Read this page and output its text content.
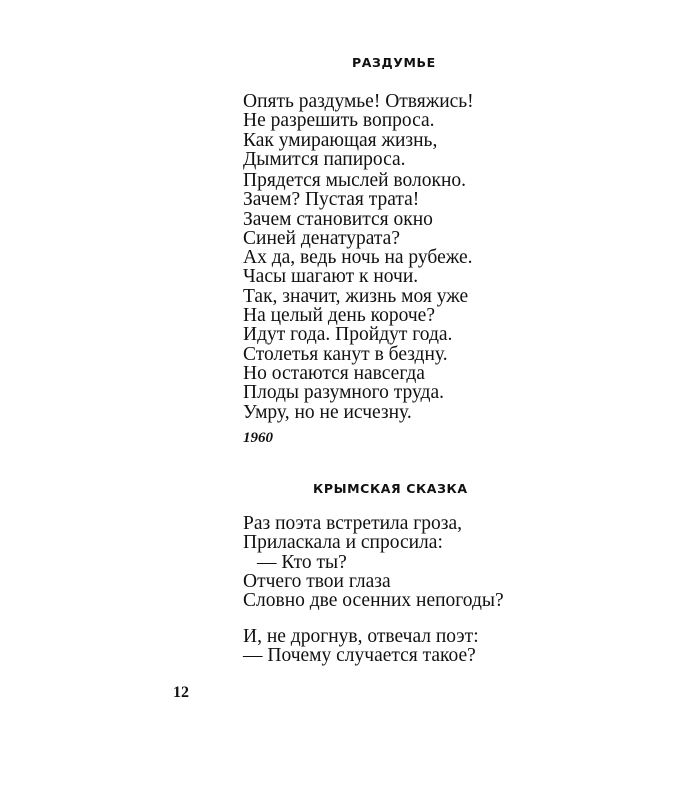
РАЗДУМЬЕ
Опять раздумье! Отвяжись!
Не разрешить вопроса.
Как умирающая жизнь,
Дымится папироса.
Прядется мыслей волокно.
Зачем? Пустая трата!
Зачем становится окно
Синей денатурата?
Ах да, ведь ночь на рубеже.
Часы шагают к ночи.
Так, значит, жизнь моя уже
На целый день короче?
Идут года. Пройдут года.
Столетья канут в бездну.
Но остаются навсегда
Плоды разумного труда.
Умру, но не исчезну.
1960
КРЫМСКАЯ СКАЗКА
Раз поэта встретила гроза,
Приласкала и спросила:
— Кто ты?
Отчего твои глаза
Словно две осенних непогоды?
И, не дрогнув, отвечал поэт:
— Почему случается такое?
12
